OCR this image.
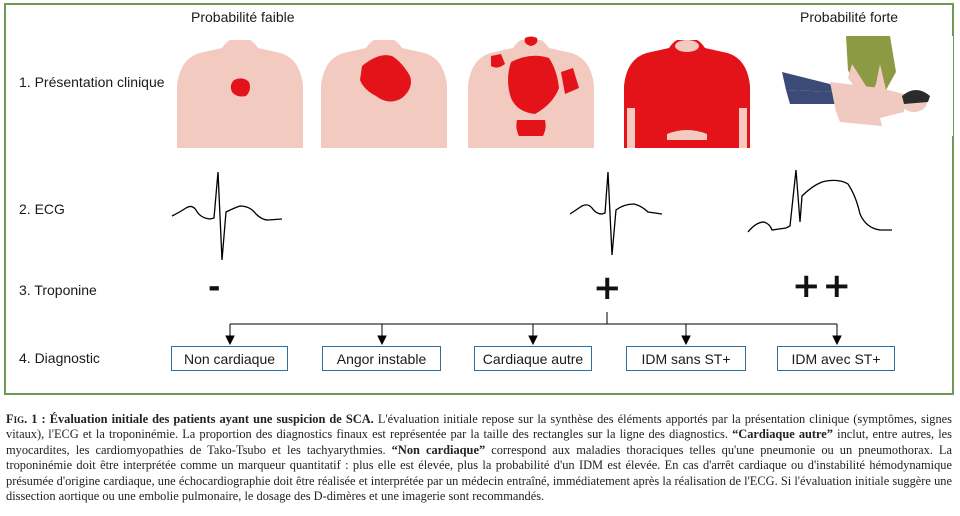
Probabilité faible	Probabilité forte
1. Présentation clinique
2. ECG
3. Troponine
4. Diagnostic
-	+	++
Non cardiaque	Angor instable	Cardiaque autre	IDM sans ST+	IDM avec ST+
Fig. 1 : Évaluation initiale des patients ayant une suspicion de SCA. L'évaluation initiale repose sur la synthèse des éléments apportés par la présentation clinique (symptômes, signes vitaux), l'ECG et la troponinémie. La proportion des diagnostics finaux est représentée par la taille des rectangles sur la ligne des diagnostics. “Cardiaque autre” inclut, entre autres, les myocardites, les cardiomyopathies de Tako-Tsubo et les tachyarythmies. “Non cardiaque” correspond aux maladies thoraciques telles qu'une pneumonie ou un pneumothorax. La troponinémie doit être interprétée comme un marqueur quantitatif : plus elle est élevée, plus la probabilité d'un IDM est élevée. En cas d'arrêt cardiaque ou d'instabilité hémodynamique présumée d'origine cardiaque, une échocardiographie doit être réalisée et interprétée par un médecin entraîné, immédiatement après la réalisation de l'ECG. Si l'évaluation initiale suggère une dissection aortique ou une embolie pulmonaire, le dosage des D-dimères et une imagerie sont recommandés.
